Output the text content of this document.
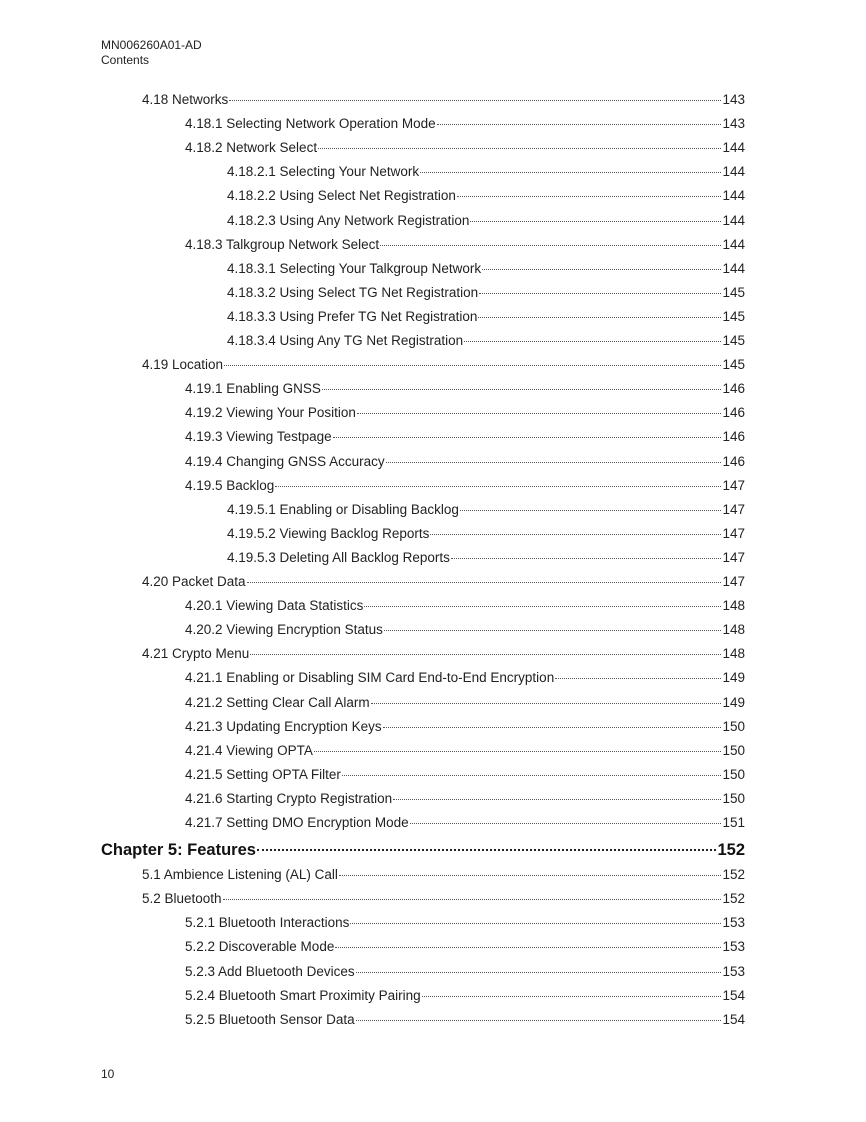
MN006260A01-AD
Contents
4.18 Networks	143
4.18.1 Selecting Network Operation Mode	143
4.18.2 Network Select	144
4.18.2.1 Selecting Your Network	144
4.18.2.2 Using Select Net Registration	144
4.18.2.3 Using Any Network Registration	144
4.18.3 Talkgroup Network Select	144
4.18.3.1 Selecting Your Talkgroup Network	144
4.18.3.2 Using Select TG Net Registration	145
4.18.3.3 Using Prefer TG Net Registration	145
4.18.3.4 Using Any TG Net Registration	145
4.19 Location	145
4.19.1 Enabling GNSS	146
4.19.2 Viewing Your Position	146
4.19.3 Viewing Testpage	146
4.19.4 Changing GNSS Accuracy	146
4.19.5 Backlog	147
4.19.5.1 Enabling or Disabling Backlog	147
4.19.5.2 Viewing Backlog Reports	147
4.19.5.3 Deleting All Backlog Reports	147
4.20 Packet Data	147
4.20.1 Viewing Data Statistics	148
4.20.2 Viewing Encryption Status	148
4.21 Crypto Menu	148
4.21.1 Enabling or Disabling SIM Card End-to-End Encryption	149
4.21.2 Setting Clear Call Alarm	149
4.21.3 Updating Encryption Keys	150
4.21.4 Viewing OPTA	150
4.21.5 Setting OPTA Filter	150
4.21.6 Starting Crypto Registration	150
4.21.7 Setting DMO Encryption Mode	151
Chapter 5: Features	152
5.1 Ambience Listening (AL) Call	152
5.2 Bluetooth	152
5.2.1 Bluetooth Interactions	153
5.2.2 Discoverable Mode	153
5.2.3 Add Bluetooth Devices	153
5.2.4 Bluetooth Smart Proximity Pairing	154
5.2.5 Bluetooth Sensor Data	154
10
